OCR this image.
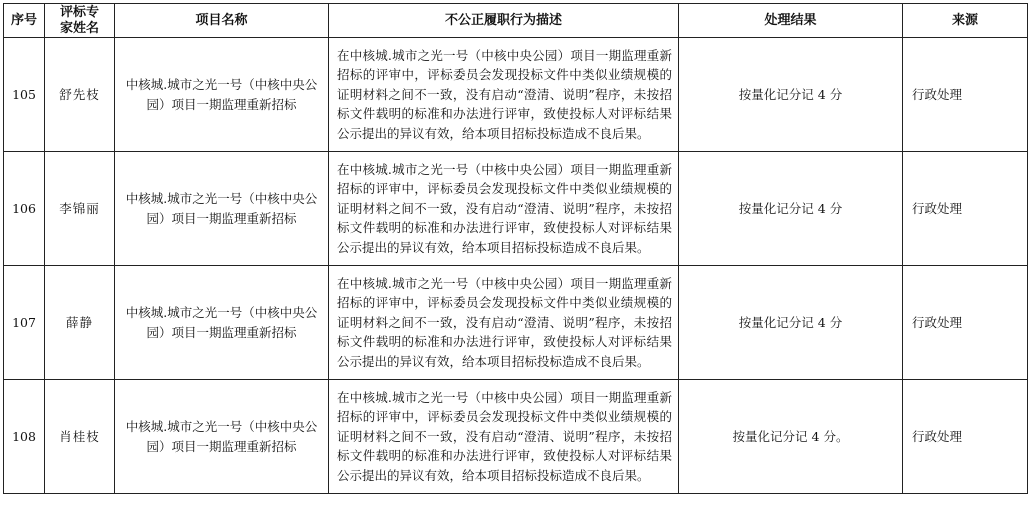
序号	评标专家姓名	项目名称	不公正履职行为描述	处理结果	来源
105	舒先枝	中核城.城市之光一号（中核中央公园）项目一期监理重新招标	在中核城.城市之光一号（中核中央公园）项目一期监理重新招标的评审中，评标委员会发现投标文件中类似业绩规模的证明材料之间不一致，没有启动“澄清、说明”程序，未按招标文件载明的标准和办法进行评审，致使投标人对评标结果公示提出的异议有效，给本项目招标投标造成不良后果。	按量化记分记 4 分	行政处理
106	李锦丽	中核城.城市之光一号（中核中央公园）项目一期监理重新招标	在中核城.城市之光一号（中核中央公园）项目一期监理重新招标的评审中，评标委员会发现投标文件中类似业绩规模的证明材料之间不一致，没有启动“澄清、说明”程序，未按招标文件载明的标准和办法进行评审，致使投标人对评标结果公示提出的异议有效，给本项目招标投标造成不良后果。	按量化记分记 4 分	行政处理
107	薛静	中核城.城市之光一号（中核中央公园）项目一期监理重新招标	在中核城.城市之光一号（中核中央公园）项目一期监理重新招标的评审中，评标委员会发现投标文件中类似业绩规模的证明材料之间不一致，没有启动“澄清、说明”程序，未按招标文件载明的标准和办法进行评审，致使投标人对评标结果公示提出的异议有效，给本项目招标投标造成不良后果。	按量化记分记 4 分	行政处理
108	肖桂枝	中核城.城市之光一号（中核中央公园）项目一期监理重新招标	在中核城.城市之光一号（中核中央公园）项目一期监理重新招标的评审中，评标委员会发现投标文件中类似业绩规模的证明材料之间不一致，没有启动“澄清、说明”程序，未按招标文件载明的标准和办法进行评审，致使投标人对评标结果公示提出的异议有效，给本项目招标投标造成不良后果。	按量化记分记 4 分。	行政处理
